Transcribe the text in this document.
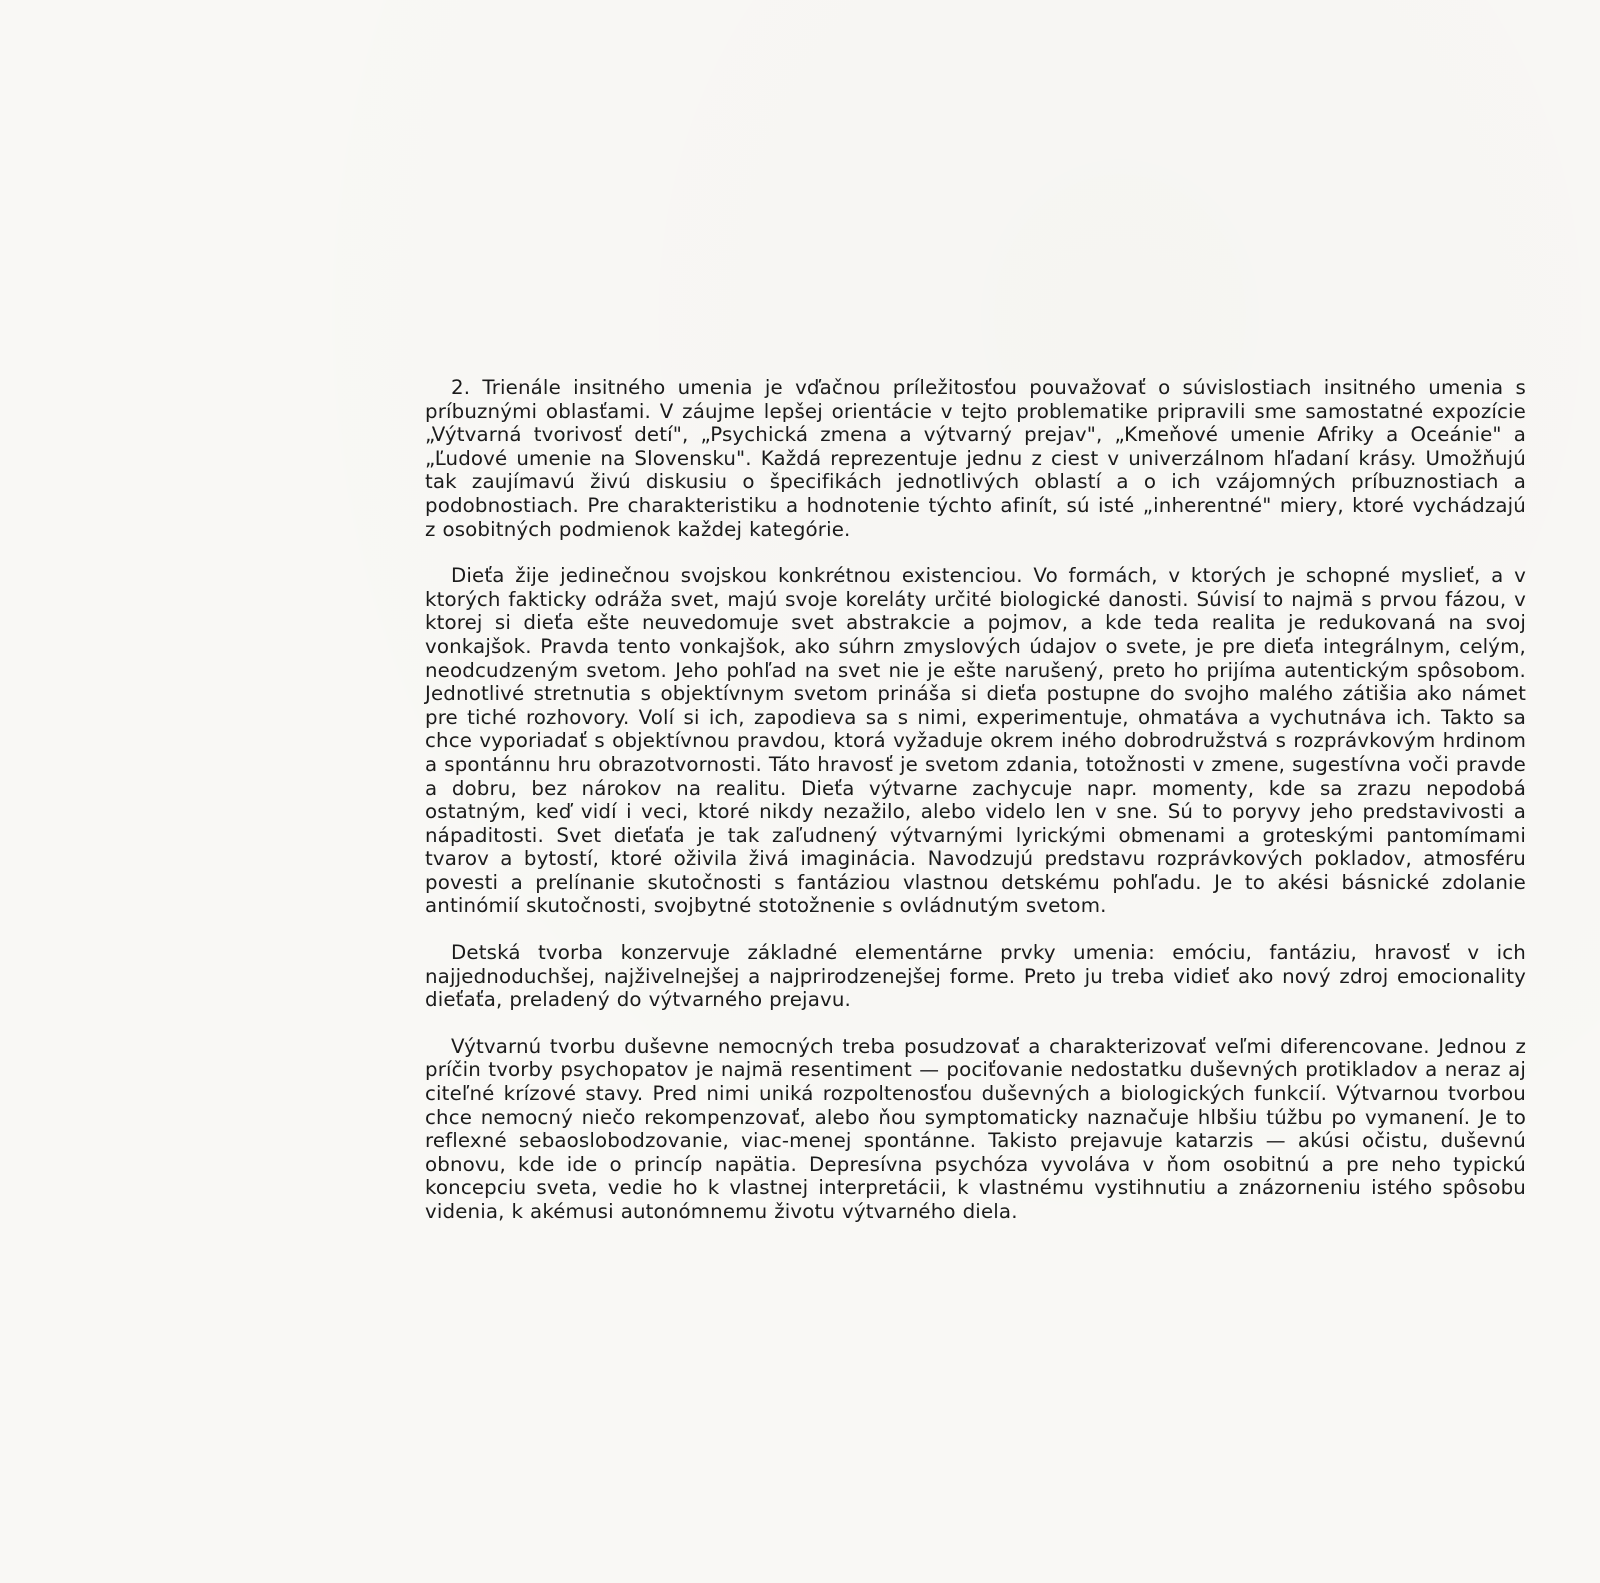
2. Trienále insitného umenia je vďačnou príležitosťou pouvažovať o súvislostiach insitného umenia s príbuznými oblasťami. V záujme lepšej orientácie v tejto problematike pripravili sme samostatné expozície „Výtvarná tvorivosť detí", „Psychická zmena a výtvarný prejav", „Kmeňové umenie Afriky a Oceánie" a „Ľudové umenie na Slovensku". Každá reprezentuje jednu z ciest v univerzálnom hľadaní krásy. Umožňujú tak zaujímavú živú diskusiu o špecifikách jednotlivých oblastí a o ich vzájomných príbuznostiach a podobnostiach. Pre charakteristiku a hodnotenie týchto afinít, sú isté „inherentné" miery, ktoré vychádzajú z osobitných podmienok každej kategórie.

Dieťa žije jedinečnou svojskou konkrétnou existenciou. Vo formách, v ktorých je schopné myslieť, a v ktorých fakticky odráža svet, majú svoje koreláty určité biologické danosti. Súvisí to najmä s prvou fázou, v ktorej si dieťa ešte neuvedomuje svet abstrakcie a pojmov, a kde teda realita je redukovaná na svoj vonkajšok. Pravda tento vonkajšok, ako súhrn zmyslových údajov o svete, je pre dieťa integrálnym, celým, neodcudzeným svetom. Jeho pohľad na svet nie je ešte narušený, preto ho prijíma autentickým spôsobom. Jednotlivé stretnutia s objektívnym svetom prináša si dieťa postupne do svojho malého zátišia ako námet pre tiché rozhovory. Volí si ich, zapodieva sa s nimi, experimentuje, ohmatáva a vychutnáva ich. Takto sa chce vyporiadať s objektívnou pravdou, ktorá vyžaduje okrem iného dobrodružstvá s rozprávkovým hrdinom a spontánnu hru obrazotvornosti. Táto hravosť je svetom zdania, totožnosti v zmene, sugestívna voči pravde a dobru, bez nárokov na realitu. Dieťa výtvarne zachycuje napr. momenty, kde sa zrazu nepodobá ostatným, keď vidí i veci, ktoré nikdy nezažilo, alebo videlo len v sne. Sú to poryvy jeho predstavivosti a nápaditosti. Svet dieťaťa je tak zaľudnený výtvarnými lyrickými obmenami a groteskými pantomímami tvarov a bytostí, ktoré oživila živá imaginácia. Navodzujú predstavu rozprávkových pokladov, atmosféru povesti a prelínanie skutočnosti s fantáziou vlastnou detskému pohľadu. Je to akési básnické zdolanie antinómií skutočnosti, svojbytné stotožnenie s ovládnutým svetom.

Detská tvorba konzervuje základné elementárne prvky umenia: emóciu, fantáziu, hravosť v ich najjednoduchšej, najživelnejšej a najprirodzenejšej forme. Preto ju treba vidieť ako nový zdroj emocionality dieťaťa, preladený do výtvarného prejavu.

Výtvarnú tvorbu duševne nemocných treba posudzovať a charakterizovať veľmi diferencovane. Jednou z príčin tvorby psychopatov je najmä resentiment — pociťovanie nedostatku duševných protikladov a neraz aj citeľné krízové stavy. Pred nimi uniká rozpoltenosťou duševných a biologických funkcií. Výtvarnou tvorbou chce nemocný niečo rekompenzovať, alebo ňou symptomaticky naznačuje hlbšiu túžbu po vymanení. Je to reflexné sebaoslobodzovanie, viac-menej spontánne. Takisto prejavuje katarzis — akúsi očistu, duševnú obnovu, kde ide o princíp napätia. Depresívna psychóza vyvoláva v ňom osobitnú a pre neho typickú koncepciu sveta, vedie ho k vlastnej interpretácii, k vlastnému vystihnutiu a znázorneniu istého spôsobu videnia, k akémusi autonómnemu životu výtvarného diela.
